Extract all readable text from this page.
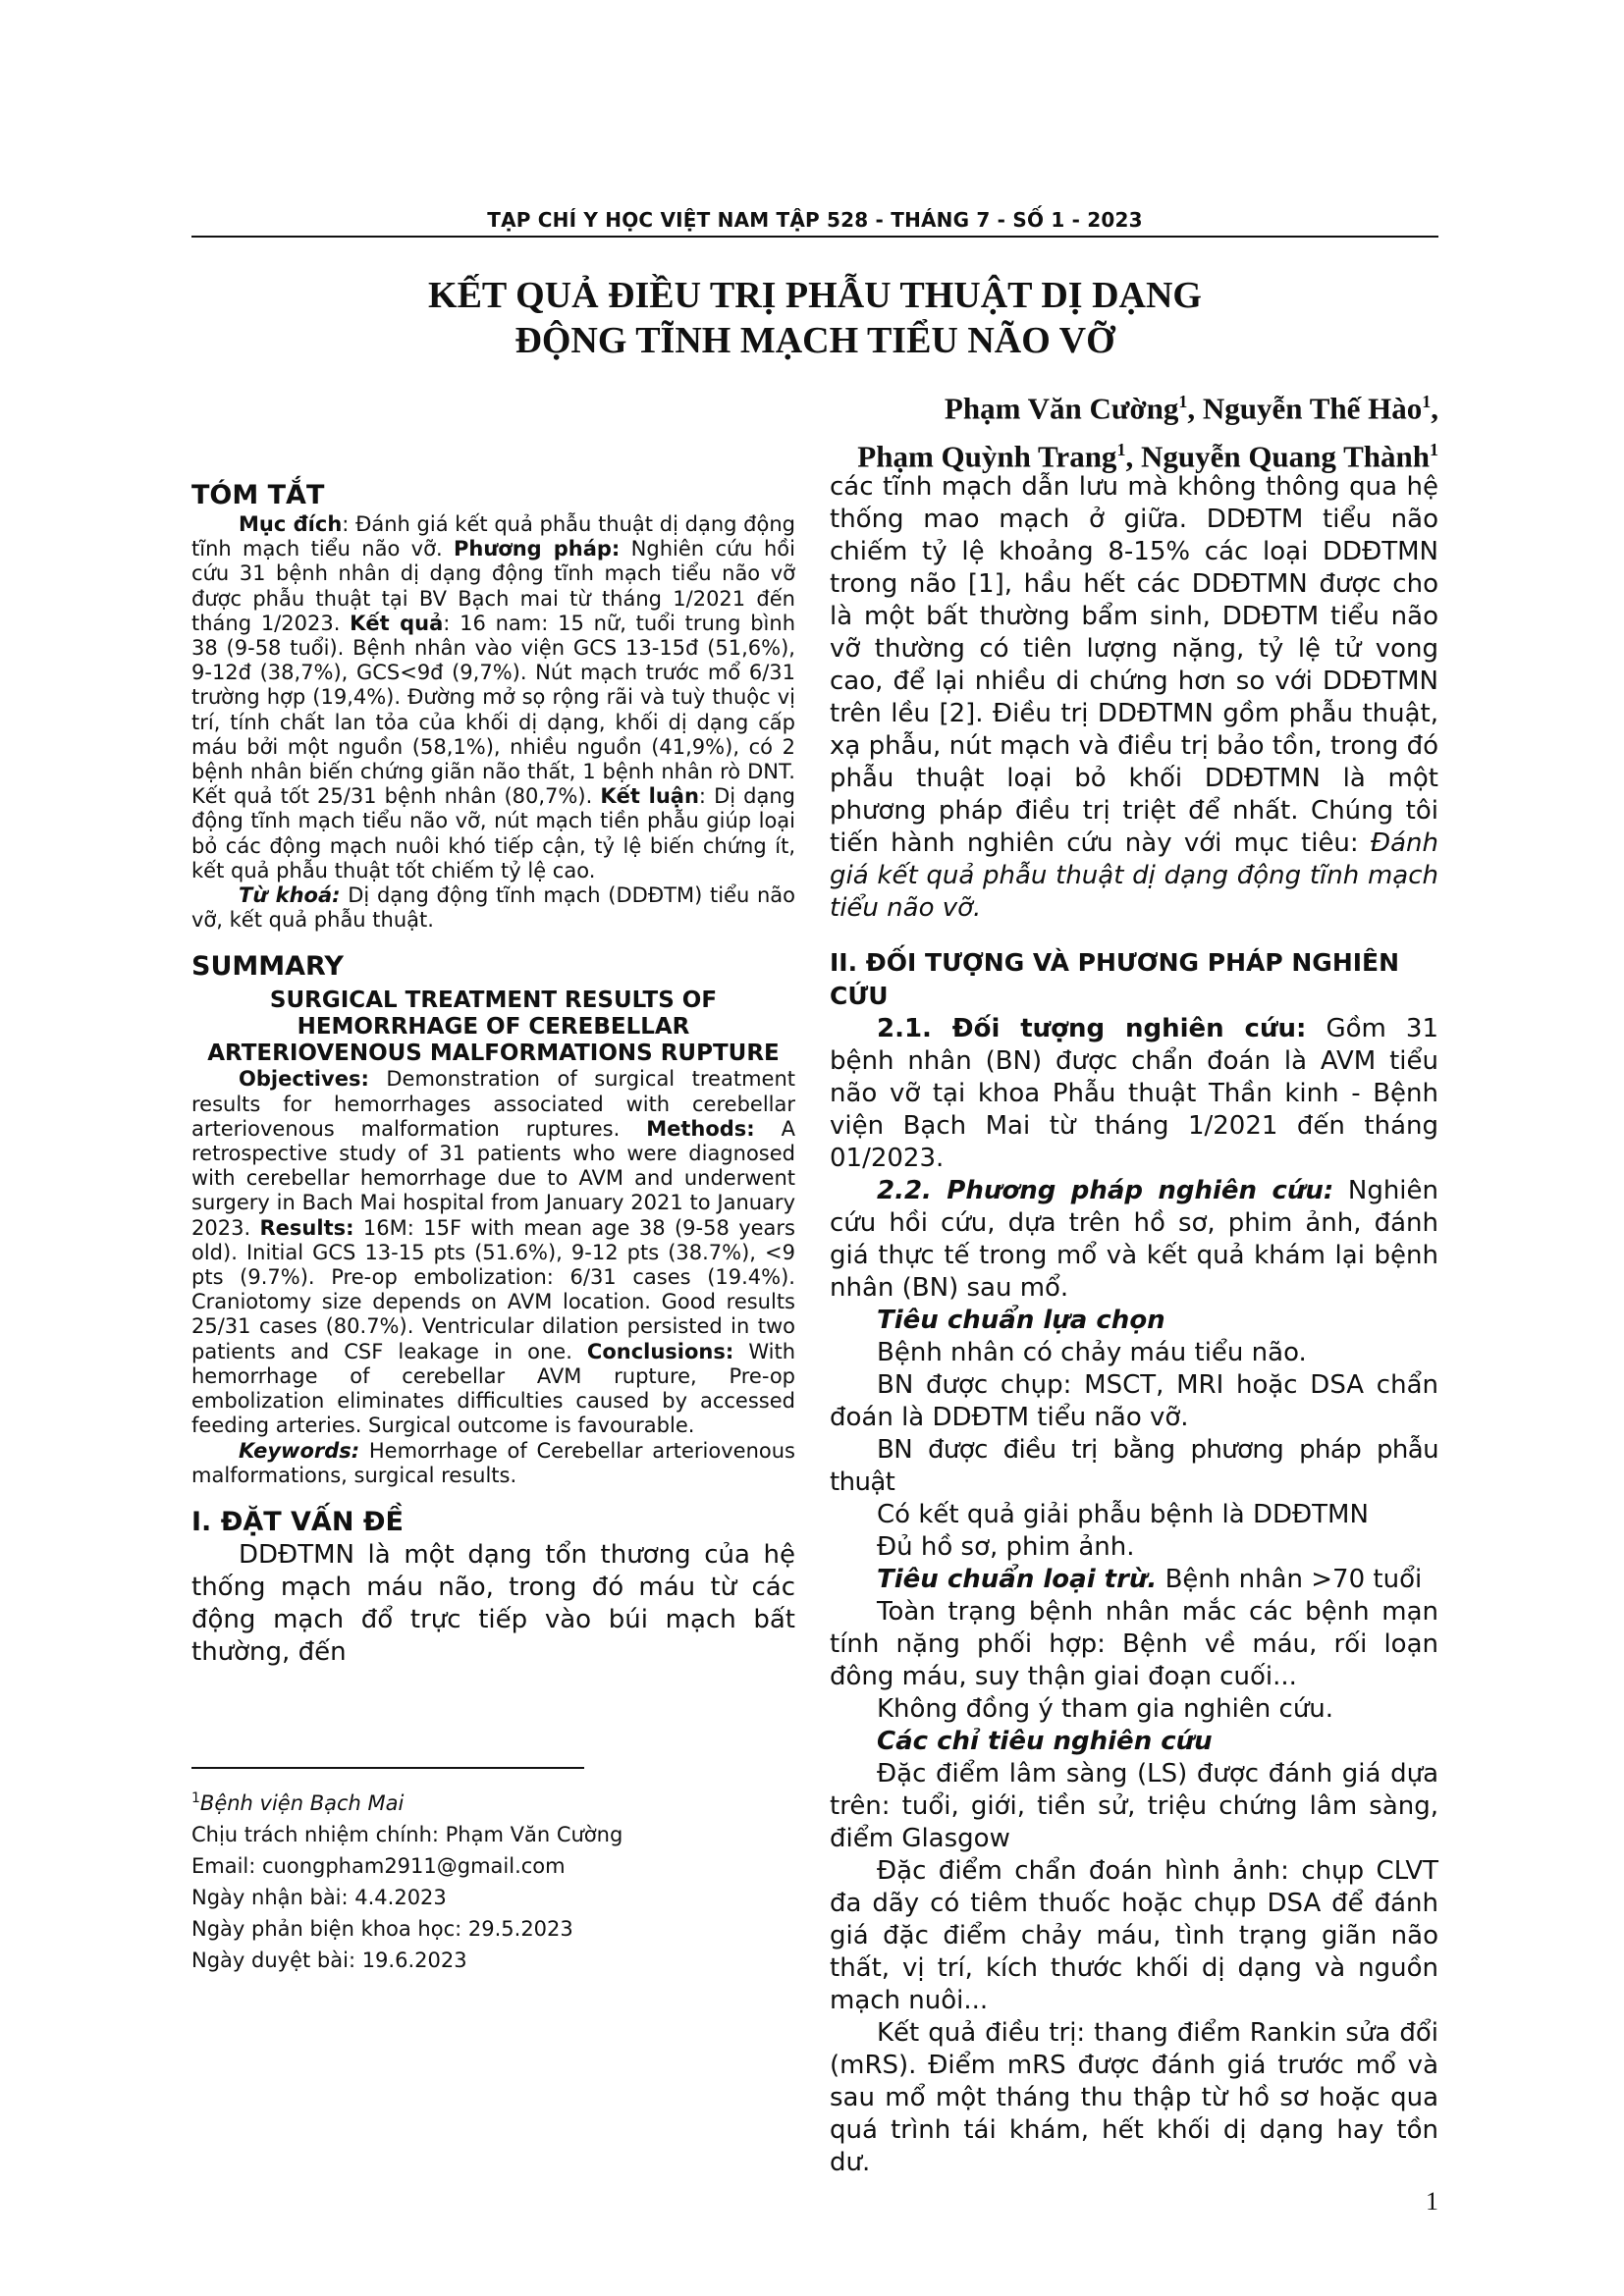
TẠP CHÍ Y HỌC VIỆT NAM TẬP 528 - THÁNG 7 - SỐ 1 - 2023
KẾT QUẢ ĐIỀU TRỊ PHẪU THUẬT DỊ DẠNG
ĐỘNG TĨNH MẠCH TIỂU NÃO VỠ
Phạm Văn Cường$^1$, Nguyễn Thế Hào$^1$,
Phạm Quỳnh Trang$^1$, Nguyễn Quang Thành$^1$
TÓM TẮT

Mục đích: Đánh giá kết quả phẫu thuật dị dạng động tĩnh mạch tiểu não vỡ. Phương pháp: Nghiên cứu hồi cứu 31 bệnh nhân dị dạng động tĩnh mạch tiểu não vỡ được phẫu thuật tại BV Bạch mai từ tháng 1/2021 đến tháng 1/2023. Kết quả: 16 nam: 15 nữ, tuổi trung bình 38 (9-58 tuổi). Bệnh nhân vào viện GCS 13-15đ (51,6%), 9-12đ (38,7%), GCS<9đ (9,7%). Nút mạch trước mổ 6/31 trường hợp (19,4%). Đường mở sọ rộng rãi và tuỳ thuộc vị trí, tính chất lan tỏa của khối dị dạng, khối dị dạng cấp máu bởi một nguồn (58,1%), nhiều nguồn (41,9%), có 2 bệnh nhân biến chứng giãn não thất, 1 bệnh nhân rò DNT. Kết quả tốt 25/31 bệnh nhân (80,7%). Kết luận: Dị dạng động tĩnh mạch tiểu não vỡ, nút mạch tiền phẫu giúp loại bỏ các động mạch nuôi khó tiếp cận, tỷ lệ biến chứng ít, kết quả phẫu thuật tốt chiếm tỷ lệ cao.

Từ khoá: Dị dạng động tĩnh mạch (DDĐTM) tiểu não vỡ, kết quả phẫu thuật.

SUMMARY
SURGICAL TREATMENT RESULTS OF
HEMORRHAGE OF CEREBELLAR
ARTERIOVENOUS MALFORMATIONS RUPTURE

Objectives: Demonstration of surgical treatment results for hemorrhages associated with cerebellar arteriovenous malformation ruptures. Methods: A retrospective study of 31 patients who were diagnosed with cerebellar hemorrhage due to AVM and underwent surgery in Bach Mai hospital from January 2021 to January 2023. Results: 16M: 15F with mean age 38 (9-58 years old). Initial GCS 13-15 pts (51.6%), 9-12 pts (38.7%), <9 pts (9.7%). Pre-op embolization: 6/31 cases (19.4%). Craniotomy size depends on AVM location. Good results 25/31 cases (80.7%). Ventricular dilation persisted in two patients and CSF leakage in one. Conclusions: With hemorrhage of cerebellar AVM rupture, Pre-op embolization eliminates difficulties caused by accessed feeding arteries. Surgical outcome is favourable.

Keywords: Hemorrhage of Cerebellar arteriovenous malformations, surgical results.

I. ĐẶT VẤN ĐỀ

DDĐTMN là một dạng tổn thương của hệ thống mạch máu não, trong đó máu từ các động mạch đổ trực tiếp vào búi mạch bất thường, đến

$^1$Bệnh viện Bạch Mai
Chịu trách nhiệm chính: Phạm Văn Cường
Email: cuongpham2911@gmail.com
Ngày nhận bài: 4.4.2023
Ngày phản biện khoa học: 29.5.2023
Ngày duyệt bài: 19.6.2023

các tĩnh mạch dẫn lưu mà không thông qua hệ thống mao mạch ở giữa. DDĐTM tiểu não chiếm tỷ lệ khoảng 8-15% các loại DDĐTMN trong não [1], hầu hết các DDĐTMN được cho là một bất thường bẩm sinh, DDĐTM tiểu não vỡ thường có tiên lượng nặng, tỷ lệ tử vong cao, để lại nhiều di chứng hơn so với DDĐTMN trên lều [2]. Điều trị DDĐTMN gồm phẫu thuật, xạ phẫu, nút mạch và điều trị bảo tồn, trong đó phẫu thuật loại bỏ khối DDĐTMN là một phương pháp điều trị triệt để nhất. Chúng tôi tiến hành nghiên cứu này với mục tiêu: Đánh giá kết quả phẫu thuật dị dạng động tĩnh mạch tiểu não vỡ.

II. ĐỐI TƯỢNG VÀ PHƯƠNG PHÁP NGHIÊN CỨU

2.1. Đối tượng nghiên cứu: Gồm 31 bệnh nhân (BN) được chẩn đoán là AVM tiểu não vỡ tại khoa Phẫu thuật Thần kinh - Bệnh viện Bạch Mai từ tháng 1/2021 đến tháng 01/2023.

2.2. Phương pháp nghiên cứu: Nghiên cứu hồi cứu, dựa trên hồ sơ, phim ảnh, đánh giá thực tế trong mổ và kết quả khám lại bệnh nhân (BN) sau mổ.

Tiêu chuẩn lựa chọn

Bệnh nhân có chảy máu tiểu não.

BN được chụp: MSCT, MRI hoặc DSA chẩn đoán là DDĐTM tiểu não vỡ.

BN được điều trị bằng phương pháp phẫu thuật

Có kết quả giải phẫu bệnh là DDĐTMN

Đủ hồ sơ, phim ảnh.

Tiêu chuẩn loại trừ. Bệnh nhân >70 tuổi

Toàn trạng bệnh nhân mắc các bệnh mạn tính nặng phối hợp: Bệnh về máu, rối loạn đông máu, suy thận giai đoạn cuối...

Không đồng ý tham gia nghiên cứu.

Các chỉ tiêu nghiên cứu

Đặc điểm lâm sàng (LS) được đánh giá dựa trên: tuổi, giới, tiền sử, triệu chứng lâm sàng, điểm Glasgow

Đặc điểm chẩn đoán hình ảnh: chụp CLVT đa dãy có tiêm thuốc hoặc chụp DSA để đánh giá đặc điểm chảy máu, tình trạng giãn não thất, vị trí, kích thước khối dị dạng và nguồn mạch nuôi...

Kết quả điều trị: thang điểm Rankin sửa đổi (mRS). Điểm mRS được đánh giá trước mổ và sau mổ một tháng thu thập từ hồ sơ hoặc qua quá trình tái khám, hết khối dị dạng hay tồn dư.

1
